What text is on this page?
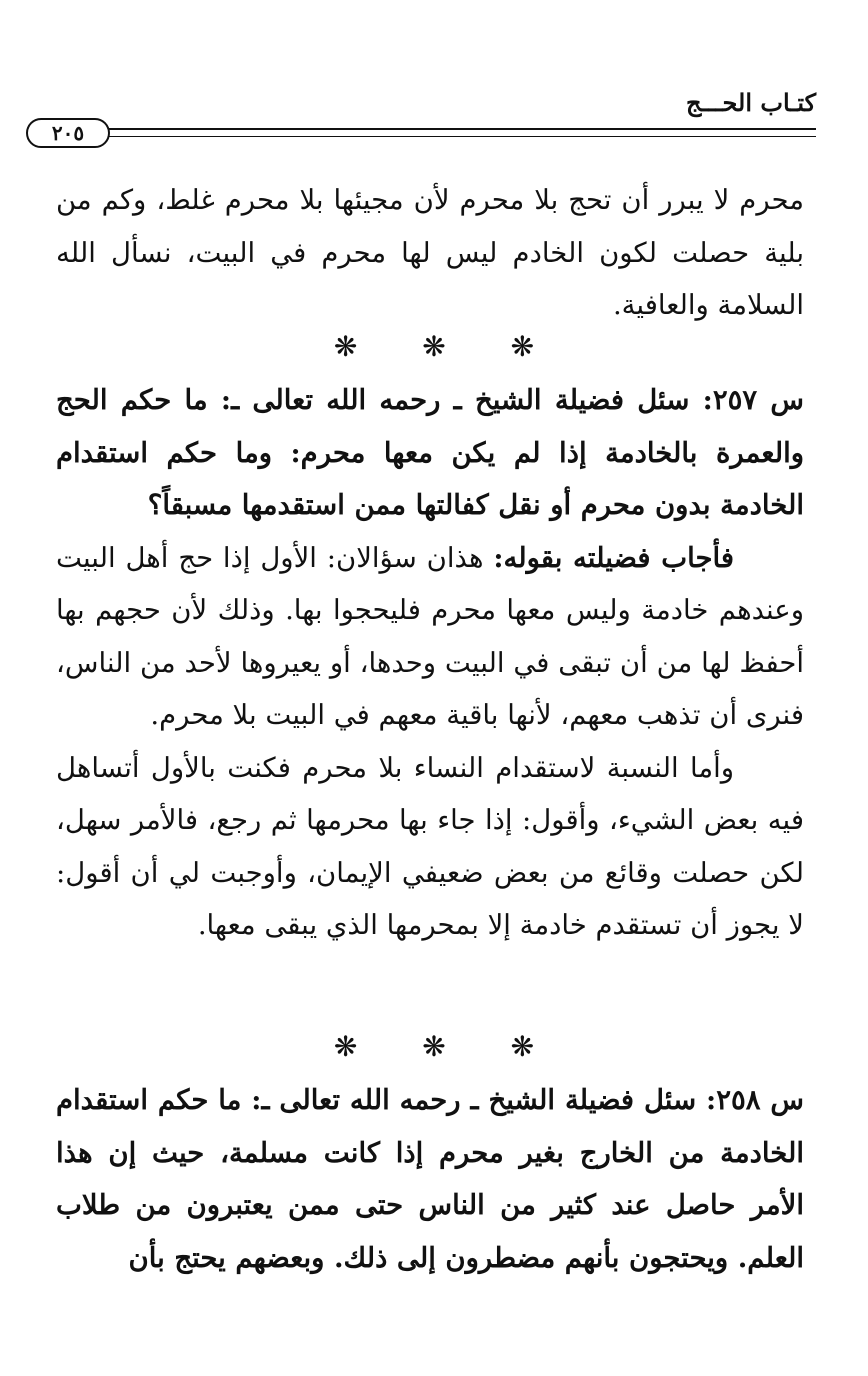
كتـاب الحـــج
٢٠٥

محرم لا يبرر أن تحج بلا محرم لأن مجيئها بلا محرم غلط، وكم من بلية حصلت لكون الخادم ليس لها محرم في البيت، نسأل الله السلامة والعافية.

❋ ❋ ❋

س ٢٥٧: سئل فضيلة الشيخ ـ رحمه الله تعالى ـ: ما حكم الحج والعمرة بالخادمة إذا لم يكن معها محرم: وما حكم استقدام الخادمة بدون محرم أو نقل كفالتها ممن استقدمها مسبقاً؟

فأجاب فضيلته بقوله: هذان سؤالان: الأول إذا حج أهل البيت وعندهم خادمة وليس معها محرم فليحجوا بها. وذلك لأن حجهم بها أحفظ لها من أن تبقى في البيت وحدها، أو يعيروها لأحد من الناس، فنرى أن تذهب معهم، لأنها باقية معهم في البيت بلا محرم.

وأما النسبة لاستقدام النساء بلا محرم فكنت بالأول أتساهل فيه بعض الشيء، وأقول: إذا جاء بها محرمها ثم رجع، فالأمر سهل، لكن حصلت وقائع من بعض ضعيفي الإيمان، وأوجبت لي أن أقول: لا يجوز أن تستقدم خادمة إلا بمحرمها الذي يبقى معها.

❋ ❋ ❋

س ٢٥٨: سئل فضيلة الشيخ ـ رحمه الله تعالى ـ: ما حكم استقدام الخادمة من الخارج بغير محرم إذا كانت مسلمة، حيث إن هذا الأمر حاصل عند كثير من الناس حتى ممن يعتبرون من طلاب العلم. ويحتجون بأنهم مضطرون إلى ذلك. وبعضهم يحتج بأن
